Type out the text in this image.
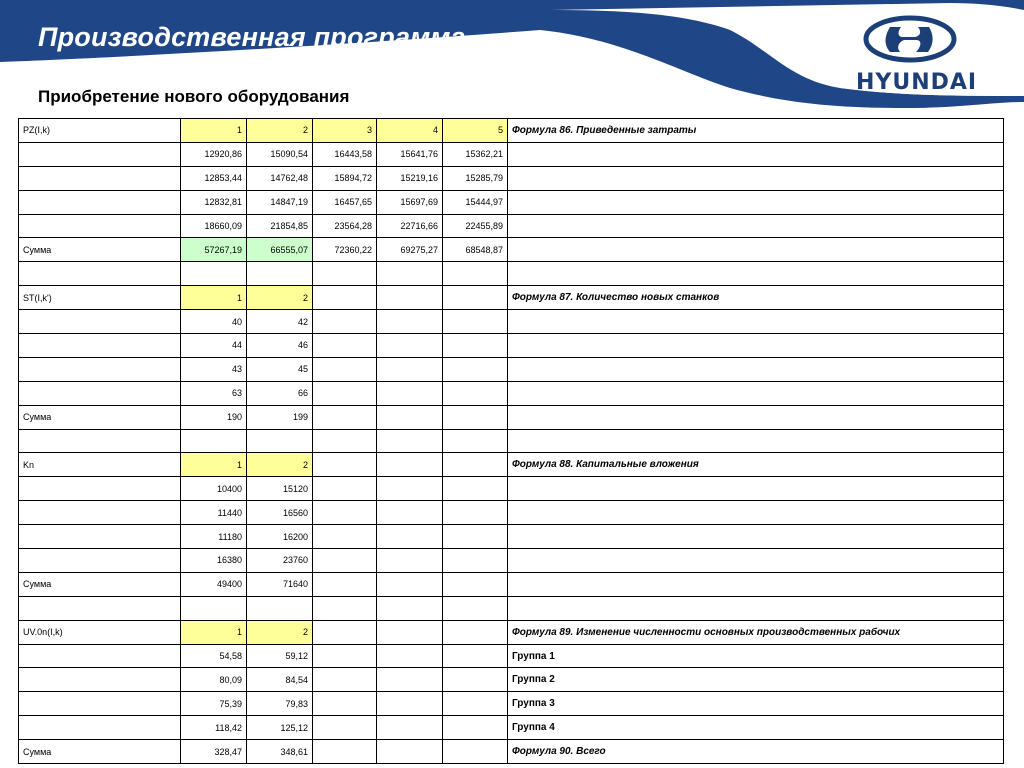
Производственная программа
HYUNDAI
Приобретение нового оборудования
PZ(I,k)	1	2	3	4	5	Формула 86. Приведенные затраты
	12920,86	15090,54	16443,58	15641,76	15362,21	
	12853,44	14762,48	15894,72	15219,16	15285,79	
	12832,81	14847,19	16457,65	15697,69	15444,97	
	18660,09	21854,85	23564,28	22716,66	22455,89	
Сумма	57267,19	66555,07	72360,22	69275,27	68548,87	

ST(I,k')	1	2				Формула 87. Количество новых станков
	40	42				
	44	46				
	43	45				
	63	66				
Сумма	190	199				

Kn	1	2				Формула 88. Капитальные вложения
	10400	15120				
	11440	16560				
	11180	16200				
	16380	23760				
Сумма	49400	71640				

UV.0n(I,k)	1	2				Формула 89. Изменение численности основных производственных рабочих
	54,58	59,12				Группа 1
	80,09	84,54				Группа 2
	75,39	79,83				Группа 3
	118,42	125,12				Группа 4
Сумма	328,47	348,61				Формула 90. Всего
